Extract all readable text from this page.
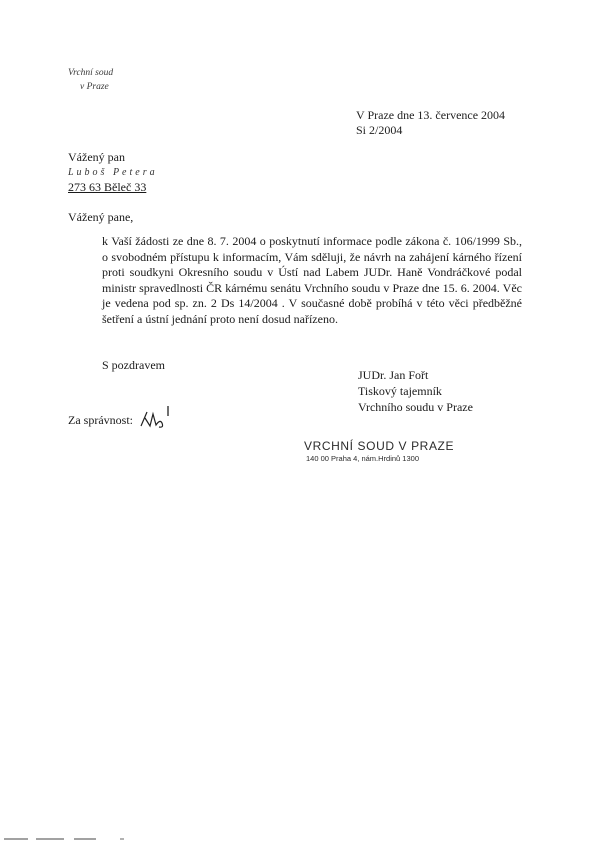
Vrchní soud
v Praze
V Praze dne 13. července 2004
Si 2/2004
Vážený pan
Luboš Petera
273 63 Běleč 33
Vážený pane,

k Vaší žádosti ze dne 8. 7. 2004 o poskytnutí informace podle zákona č. 106/1999 Sb., o svobodném přístupu k informacím, Vám sděluji, že návrh na zahájení kárného řízení proti soudkyni Okresního soudu v Ústí nad Labem JUDr. Haně Vondráčkové podal ministr spravedlnosti ČR kárnému senátu Vrchního soudu v Praze dne 15. 6. 2004. Věc je vedena pod sp. zn. 2 Ds 14/2004 . V současné době probíhá v této věci předběžné šetření a ústní jednání proto není dosud nařízeno.

S pozdravem
JUDr. Jan Fořt
Tiskový tajemník
Vrchního soudu v Praze
Za správnost:
VRCHNÍ SOUD V PRAZE
140 00 Praha 4, nám.Hrdinů 1300
